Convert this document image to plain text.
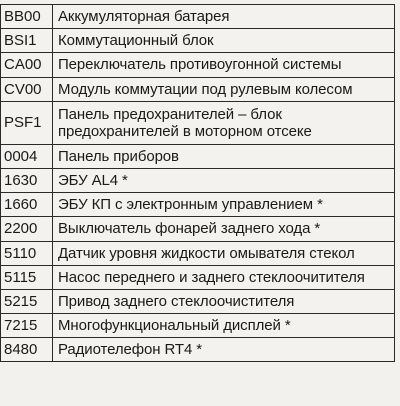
BB00	Аккумуляторная батарея
BSI1	Коммутационный блок
CA00	Переключатель противоугонной системы
CV00	Модуль коммутации под рулевым колесом
PSF1	Панель предохранителей – блок предохранителей в моторном отсеке
0004	Панель приборов
1630	ЭБУ AL4 *
1660	ЭБУ КП с электронным управлением *
2200	Выключатель фонарей заднего хода *
5110	Датчик уровня жидкости омывателя стекол
5115	Насос переднего и заднего стеклоочитителя
5215	Привод заднего стеклоочистителя
7215	Многофункциональный дисплей *
8480	Радиотелефон RT4 *
